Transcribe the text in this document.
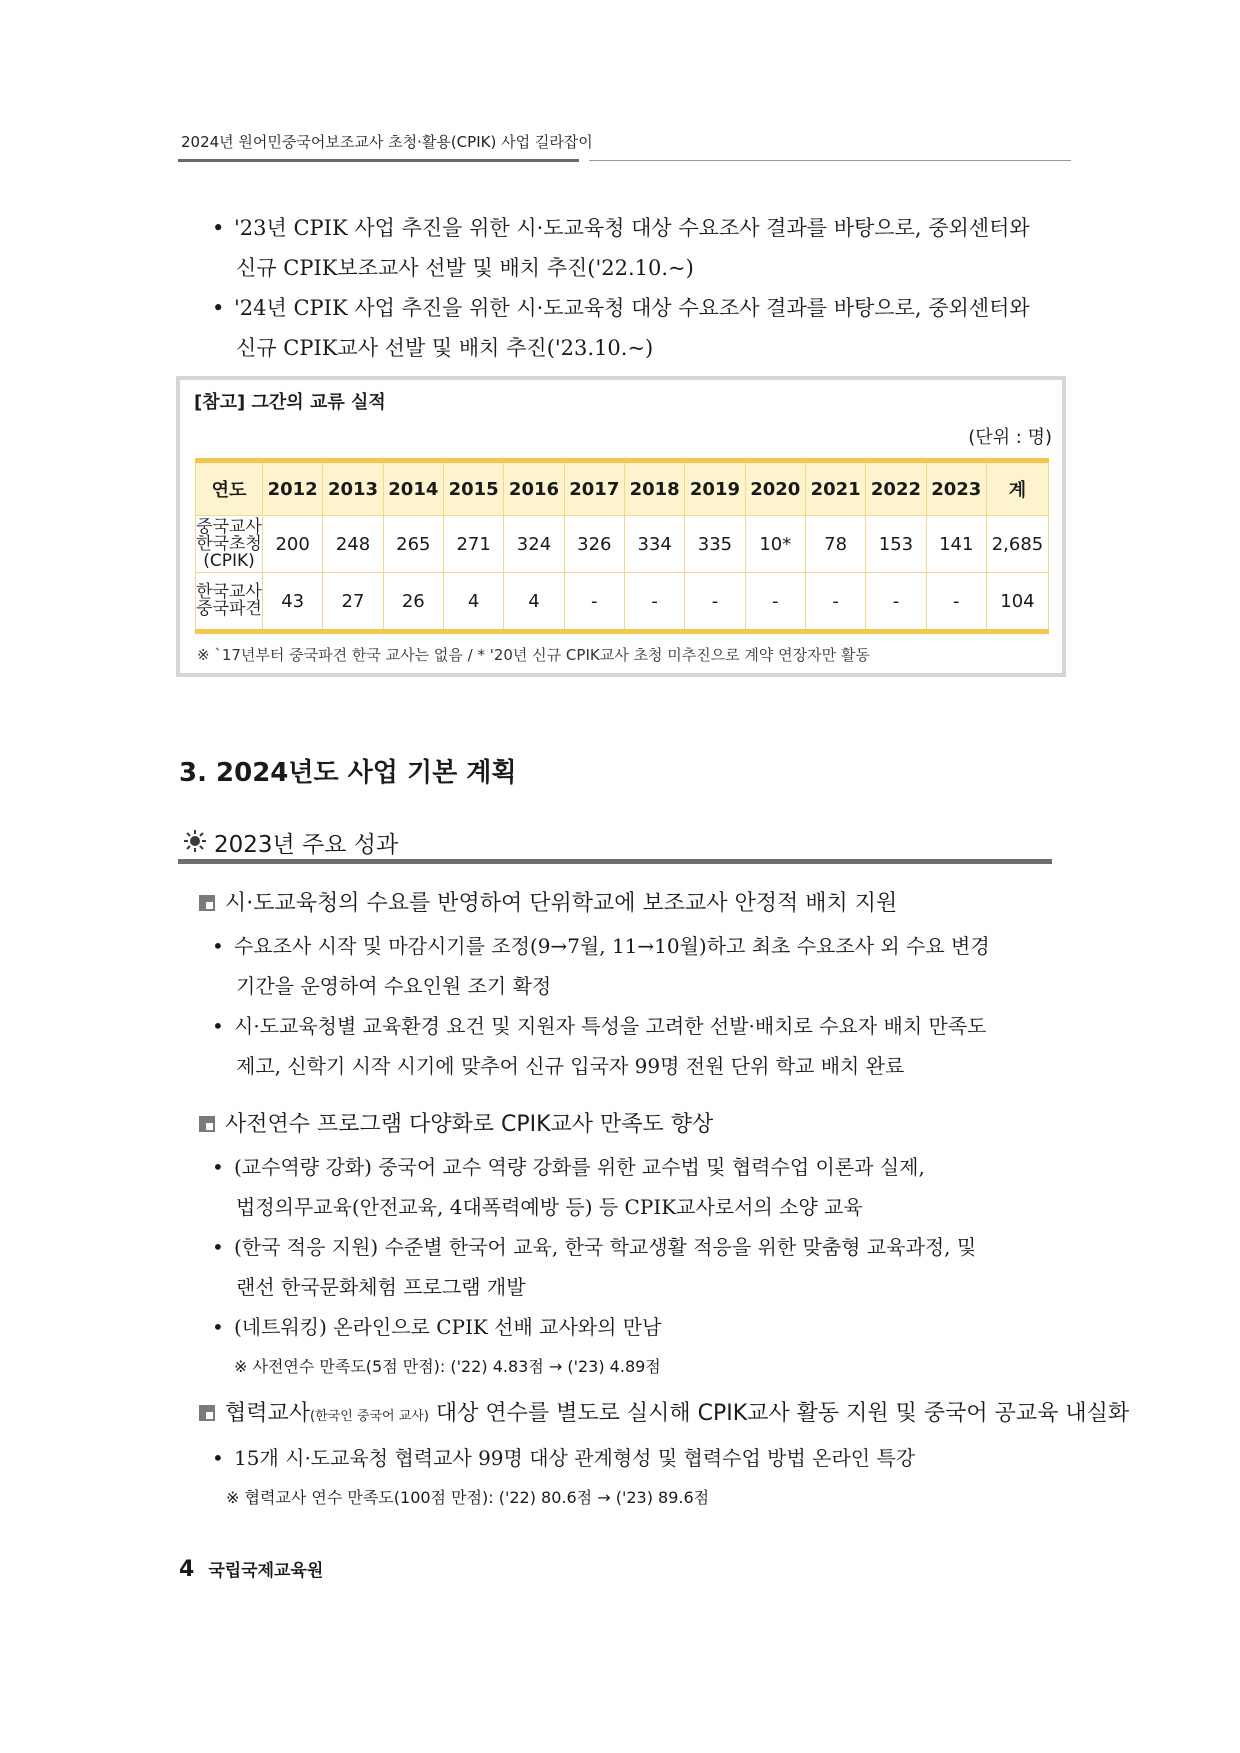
2024년 원어민중국어보조교사 초청·활용(CPIK) 사업 길라잡이
• '23년 CPIK 사업 추진을 위한 시·도교육청 대상 수요조사 결과를 바탕으로, 중외센터와
신규 CPIK보조교사 선발 및 배치 추진('22.10.~)
• '24년 CPIK 사업 추진을 위한 시·도교육청 대상 수요조사 결과를 바탕으로, 중외센터와
신규 CPIK교사 선발 및 배치 추진('23.10.~)
[참고] 그간의 교류 실적
(단위 : 명)
연도	2012	2013	2014	2015	2016	2017	2018	2019	2020	2021	2022	2023	계

중국교사
한국초청
(CPIK)	200	248	265	271	324	326	334	335	10*	78	153	141	2,685

한국교사
중국파견	43	27	26	4	4	-	-	-	-	-	-	-	104
※ `17년부터 중국파견 한국 교사는 없음 / * '20년 신규 CPIK교사 초청 미추진으로 계약 연장자만 활동
3. 2024년도 사업 기본 계획
2023년 주요 성과
시·도교육청의 수요를 반영하여 단위학교에 보조교사 안정적 배치 지원
• 수요조사 시작 및 마감시기를 조정(9→7월, 11→10월)하고 최초 수요조사 외 수요 변경
기간을 운영하여 수요인원 조기 확정
• 시·도교육청별 교육환경 요건 및 지원자 특성을 고려한 선발·배치로 수요자 배치 만족도
제고, 신학기 시작 시기에 맞추어 신규 입국자 99명 전원 단위 학교 배치 완료
사전연수 프로그램 다양화로 CPIK교사 만족도 향상
• (교수역량 강화) 중국어 교수 역량 강화를 위한 교수법 및 협력수업 이론과 실제,
법정의무교육(안전교육, 4대폭력예방 등) 등 CPIK교사로서의 소양 교육
• (한국 적응 지원) 수준별 한국어 교육, 한국 학교생활 적응을 위한 맞춤형 교육과정, 및
랜선 한국문화체험 프로그램 개발
• (네트워킹) 온라인으로 CPIK 선배 교사와의 만남
※ 사전연수 만족도(5점 만점): ('22) 4.83점 → ('23) 4.89점
협력교사(한국인 중국어 교사) 대상 연수를 별도로 실시해 CPIK교사 활동 지원 및 중국어 공교육 내실화
• 15개 시·도교육청 협력교사 99명 대상 관계형성 및 협력수업 방법 온라인 특강
※ 협력교사 연수 만족도(100점 만점): ('22) 80.6점 → ('23) 89.6점
4 국립국제교육원
